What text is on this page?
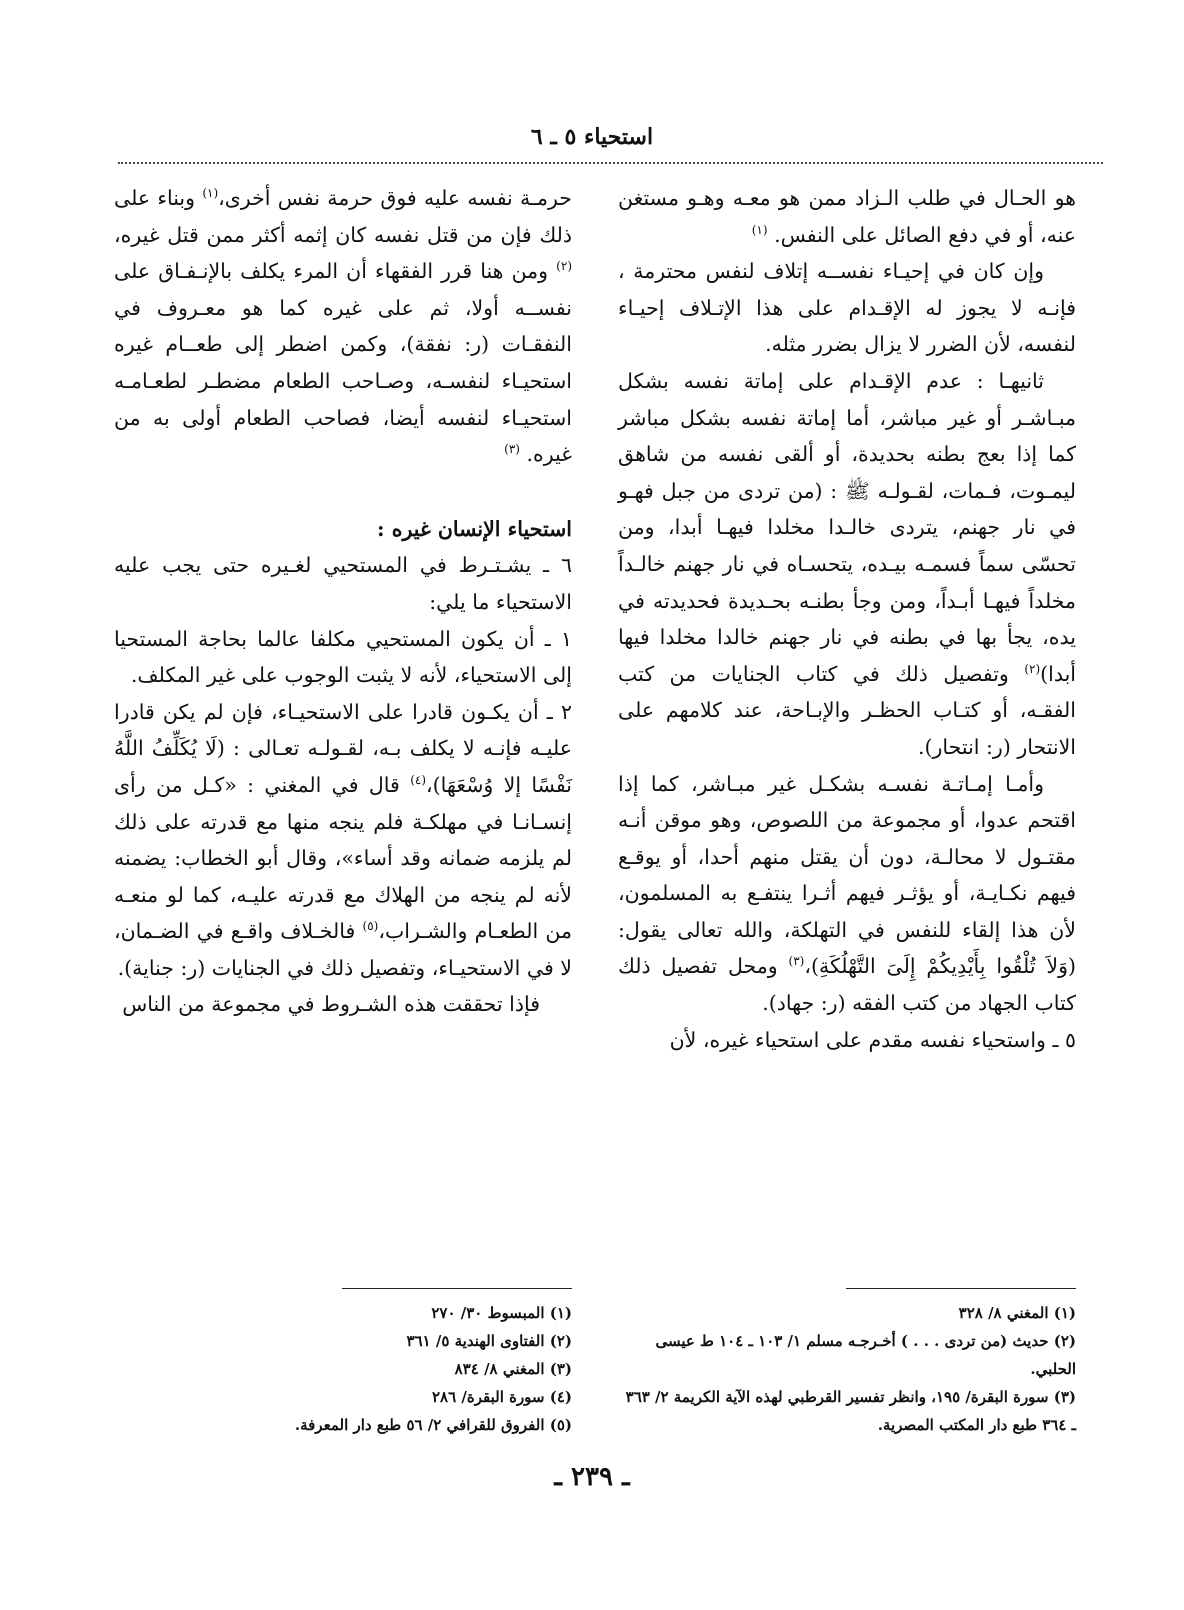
استحياء ٥ ـ ٦

هو الحـال في طلب الـزاد ممن هو معـه وهـو مستغن عنه، أو في دفع الصائل على النفس. $^{(١)}$

وإن كان في إحيـاء نفســه إتلاف لنفس محترمة ، فإنـه لا يجوز له الإقـدام على هذا الإتـلاف إحيـاء لنفسه، لأن الضرر لا يزال بضرر مثله.

ثانيهـا : عدم الإقـدام على إماتة نفسه بشكل مبـاشـر أو غير مباشر، أما إماتة نفسه بشكل مباشر كما إذا بعج بطنه بحديدة، أو ألقى نفسه من شاهق ليمـوت، فـمات، لقـولـه ﷺ : (من تردى من جبل فهـو في نار جهنم، يتردى خالـدا مخلدا فيهـا أبدا، ومن تحسّى سماً فسمـه بيـده، يتحسـاه في نار جهنم خالـداً مخلداً فيهـا أبـداً، ومن وجأ بطنـه بحـديدة فحديدته في يده، يجأ بها في بطنه في نار جهنم خالدا مخلدا فيها أبدا)$^{(٢)}$ وتفصيل ذلك في كتاب الجنايات من كتب الفقـه، أو كتـاب الحظـر والإبـاحة، عند كلامهم على الانتحار (ر: انتحار).

وأمـا إمـاتـة نفسـه بشكـل غير مبـاشر، كما إذا اقتحم عدوا، أو مجموعة من اللصوص، وهو موقن أنـه مقتـول لا محالـة، دون أن يقتل منهم أحدا، أو يوقـع فيهم نكـايـة، أو يؤثـر فيهم أثـرا ينتفـع به المسلمون، لأن هذا إلقاء للنفس في التهلكة، والله تعالى يقول: (وَلاَ تُلْقُوا بِأَيْدِيكُمْ إِلَىَ التَّهْلُكَةِ)،$^{(٣)}$ ومحل تفصيل ذلك كتاب الجهاد من كتب الفقه (ر: جهاد).

٥ ـ واستحياء نفسه مقدم على استحياء غيره، لأن

حرمـة نفسه عليه فوق حرمة نفس أخرى،$^{(١)}$ وبناء على ذلك فإن من قتل نفسه كان إثمه أكثر ممن قتل غيره،$^{(٢)}$ ومن هنا قرر الفقهاء أن المرء يكلف بالإنـفـاق على نفســه أولا، ثم على غيره كما هو معـروف في النفقـات (ر: نفقة)، وكمن اضطر إلى طعــام غيره استحيـاء لنفسـه، وصـاحب الطعام مضطـر لطعـامـه استحيـاء لنفسه أيضا، فصاحب الطعام أولى به من غيره. $^{(٣)}$

استحياء الإنسان غيره :

٦ ـ يشـتـرط في المستحيي لغـيره حتى يجب عليه الاستحياء ما يلي:

١ ـ أن يكون المستحيي مكلفا عالما بحاجة المستحيا إلى الاستحياء، لأنه لا يثبت الوجوب على غير المكلف.

٢ ـ أن يكـون قادرا على الاستحيـاء، فإن لم يكن قادرا عليـه فإنـه لا يكلف بـه، لقـولـه تعـالى : (لَا يُكَلِّفُ اللَّهُ نَفْسًا إلا وُسْعَهَا)،$^{(٤)}$ قال في المغني : «كـل من رأى إنسـانـا في مهلكـة فلم ينجه منها مع قدرته على ذلك لم يلزمه ضمانه وقد أساء»، وقال أبو الخطاب: يضمنه لأنه لم ينجه من الهلاك مع قدرته عليـه، كما لو منعـه من الطعـام والشـراب،$^{(٥)}$ فالخـلاف واقـع في الضـمان، لا في الاستحيـاء، وتفصيل ذلك في الجنايات (ر: جناية).

فإذا تحققت هذه الشـروط في مجموعة من الناس

(١) المغني ٨/ ٣٢٨

(٢) حديث (من تردى . . . ) أخـرجـه مسلم ١/ ١٠٣ ـ ١٠٤ ط عيسى الحلبي.

(٣) سورة البقرة/ ١٩٥، وانظر تفسير القرطبي لهذه الآية الكريمة ٢/ ٣٦٣ ـ ٣٦٤ طبع دار المكتب المصرية.

(١) المبسوط ٣٠/ ٢٧٠

(٢) الفتاوى الهندية ٥/ ٣٦١

(٣) المغني ٨/ ٨٣٤

(٤) سورة البقرة/ ٢٨٦

(٥) الفروق للقرافي ٢/ ٥٦ طبع دار المعرفة.

ـ ٢٣٩ ـ
